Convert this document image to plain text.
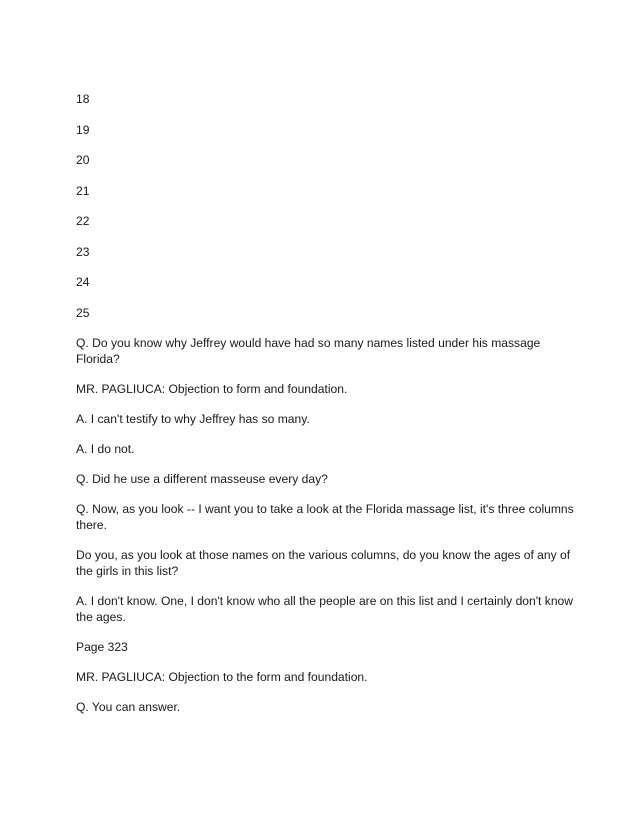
18

19

20

21

22

23

24

25

Q. Do you know why Jeffrey would have had so many names listed under his massage Florida?

MR. PAGLIUCA: Objection to form and foundation.

A. I can't testify to why Jeffrey has so many.

A. I do not.

Q. Did he use a different masseuse every day?

Q. Now, as you look -- I want you to take a look at the Florida massage list, it's three columns there.

Do you, as you look at those names on the various columns, do you know the ages of any of the girls in this list?

A. I don't know. One, I don't know who all the people are on this list and I certainly don't know the ages.

Page 323

MR. PAGLIUCA: Objection to the form and foundation.

Q. You can answer.
